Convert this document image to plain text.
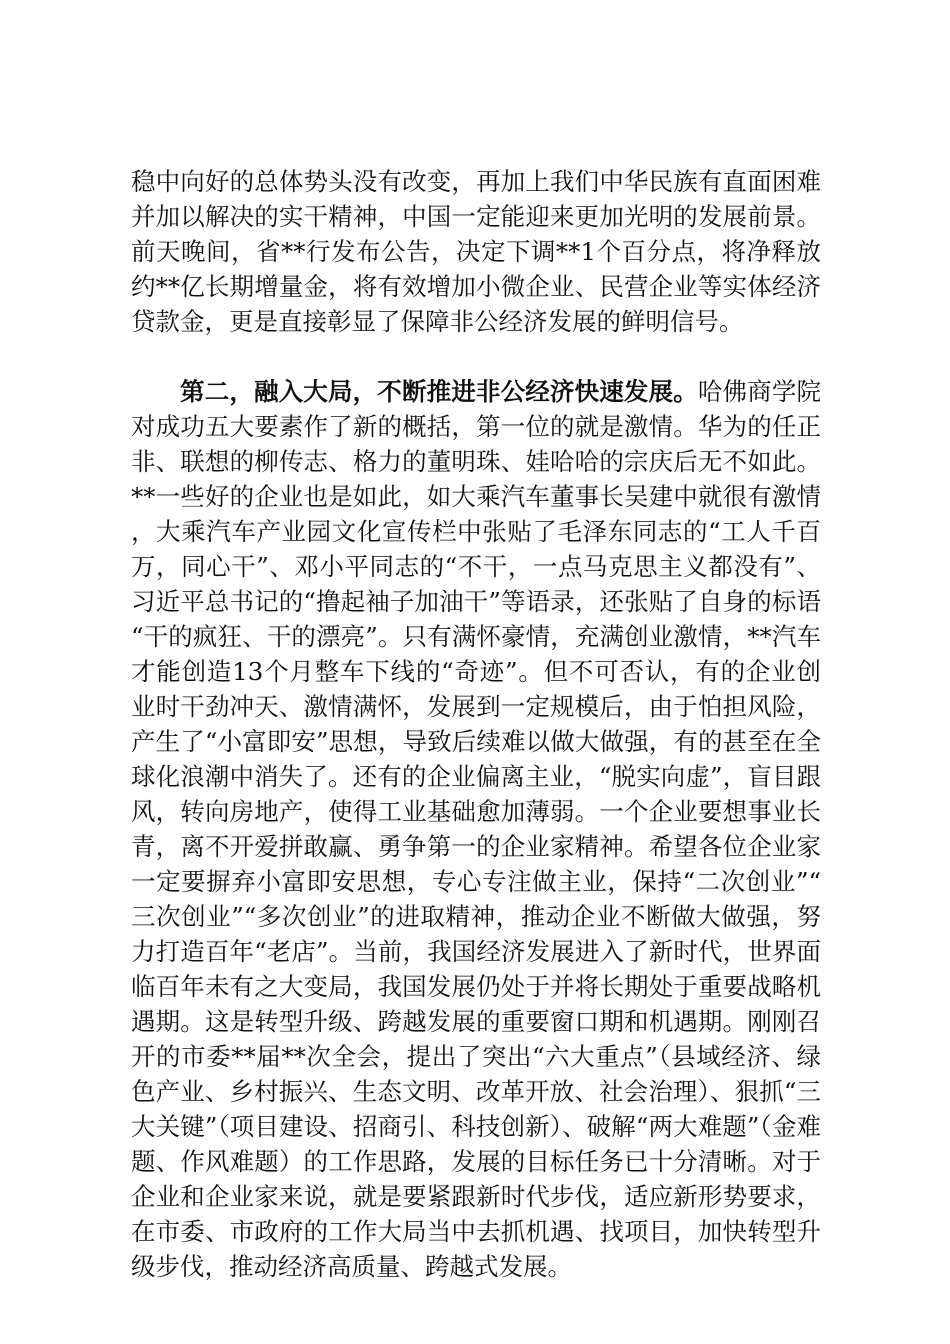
稳中向好的总体势头没有改变，再加上我们中华民族有直面困难并加以解决的实干精神，中国一定能迎来更加光明的发展前景。前天晚间，省**行发布公告，决定下调**1个百分点，将净释放约**亿长期增量金，将有效增加小微企业、民营企业等实体经济贷款金，更是直接彰显了保障非公经济发展的鲜明信号。

第二，融入大局，不断推进非公经济快速发展。哈佛商学院对成功五大要素作了新的概括，第一位的就是激情。华为的任正非、联想的柳传志、格力的董明珠、娃哈哈的宗庆后无不如此。**一些好的企业也是如此，如大乘汽车董事长吴建中就很有激情，大乘汽车产业园文化宣传栏中张贴了毛泽东同志的“工人千百万，同心干”、邓小平同志的“不干，一点马克思主义都没有”、习近平总书记的“撸起袖子加油干”等语录，还张贴了自身的标语“干的疯狂、干的漂亮”。只有满怀豪情，充满创业激情，**汽车才能创造13个月整车下线的“奇迹”。但不可否认，有的企业创业时干劲冲天、激情满怀，发展到一定规模后，由于怕担风险，产生了“小富即安”思想，导致后续难以做大做强，有的甚至在全球化浪潮中消失了。还有的企业偏离主业，“脱实向虚”，盲目跟风，转向房地产，使得工业基础愈加薄弱。一个企业要想事业长青，离不开爱拼敢赢、勇争第一的企业家精神。希望各位企业家一定要摒弃小富即安思想，专心专注做主业，保持“二次创业”“三次创业”“多次创业”的进取精神，推动企业不断做大做强，努力打造百年“老店”。当前，我国经济发展进入了新时代，世界面临百年未有之大变局，我国发展仍处于并将长期处于重要战略机遇期。这是转型升级、跨越发展的重要窗口期和机遇期。刚刚召开的市委**届**次全会，提出了突出“六大重点”（县域经济、绿色产业、乡村振兴、生态文明、改革开放、社会治理）、狠抓“三大关键”（项目建设、招商引、科技创新）、破解“两大难题”（金难题、作风难题）的工作思路，发展的目标任务已十分清晰。对于企业和企业家来说，就是要紧跟新时代步伐，适应新形势要求，在市委、市政府的工作大局当中去抓机遇、找项目，加快转型升级步伐，推动经济高质量、跨越式发展。
